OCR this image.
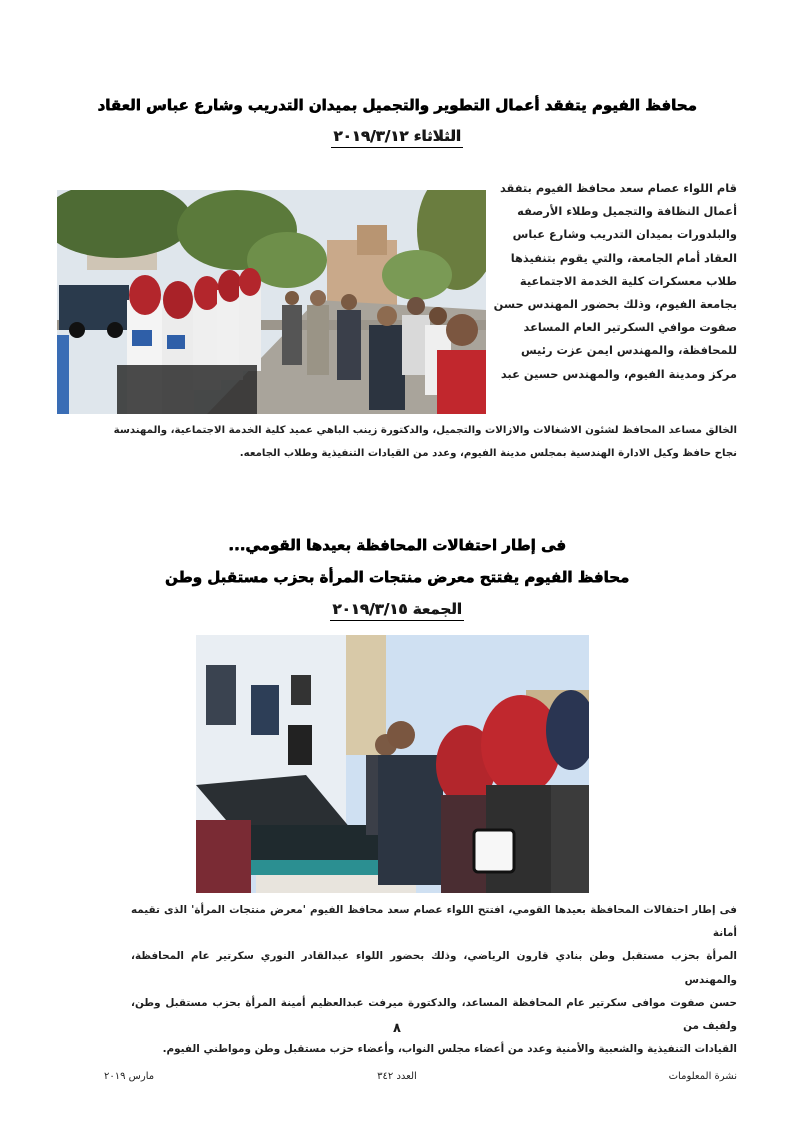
محافظ الفيوم يتفقد أعمال التطوير والتجميل بميدان التدريب وشارع عباس العقاد
الثلاثاء ٢٠١٩/٣/١٢

قام اللواء عصام سعد محافظ الفيوم بتفقد

أعمال النظافة والتجميل وطلاء الأرصفه

والبلدورات بميدان التدريب وشارع عباس

العقاد أمام الجامعة، والتي يقوم بتنفيذها

طلاب معسكرات كلية الخدمة الاجتماعية

بجامعة الفيوم، وذلك بحضور المهندس حسن

صفوت موافي السكرتير العام المساعد

للمحافظة، والمهندس ايمن عزت رئيس

مركز ومدينة الفيوم، والمهندس حسين عبد

الخالق مساعد المحافظ لشئون الاشغالات والازالات والتجميل، والدكتورة زينب الباهي عميد كلية الخدمة الاجتماعية، والمهندسة

نجاح حافظ وكيل الادارة الهندسية بمجلس مدينة الفيوم، وعدد من القيادات التنفيذية وطلاب الجامعه.

فى إطار احتفالات المحافظة بعيدها القومي...
محافظ الفيوم يفتتح معرض منتجات المرأة بحزب مستقبل وطن
الجمعة ٢٠١٩/٣/١٥

فى إطار احتفالات المحافظة بعيدها القومي، افتتح اللواء عصام سعد محافظ الفيوم 'معرض منتجات المرأة' الذى تقيمه أمانة

المرأة بحزب مستقبل وطن بنادي قارون الرياضي، وذلك بحضور اللواء عبدالقادر النوري سكرتير عام المحافظة، والمهندس

حسن صفوت موافى سكرتير عام المحافظة المساعد، والدكتورة ميرفت عبدالعظيم أمينة المرأة بحزب مستقبل وطن، ولفيف من

القيادات التنفيذية والشعبية والأمنية وعدد من أعضاء مجلس النواب، وأعضاء حزب مستقبل وطن ومواطني الفيوم.

٨
نشرة المعلومات
العدد ٣٤٢
مارس ٢٠١٩
